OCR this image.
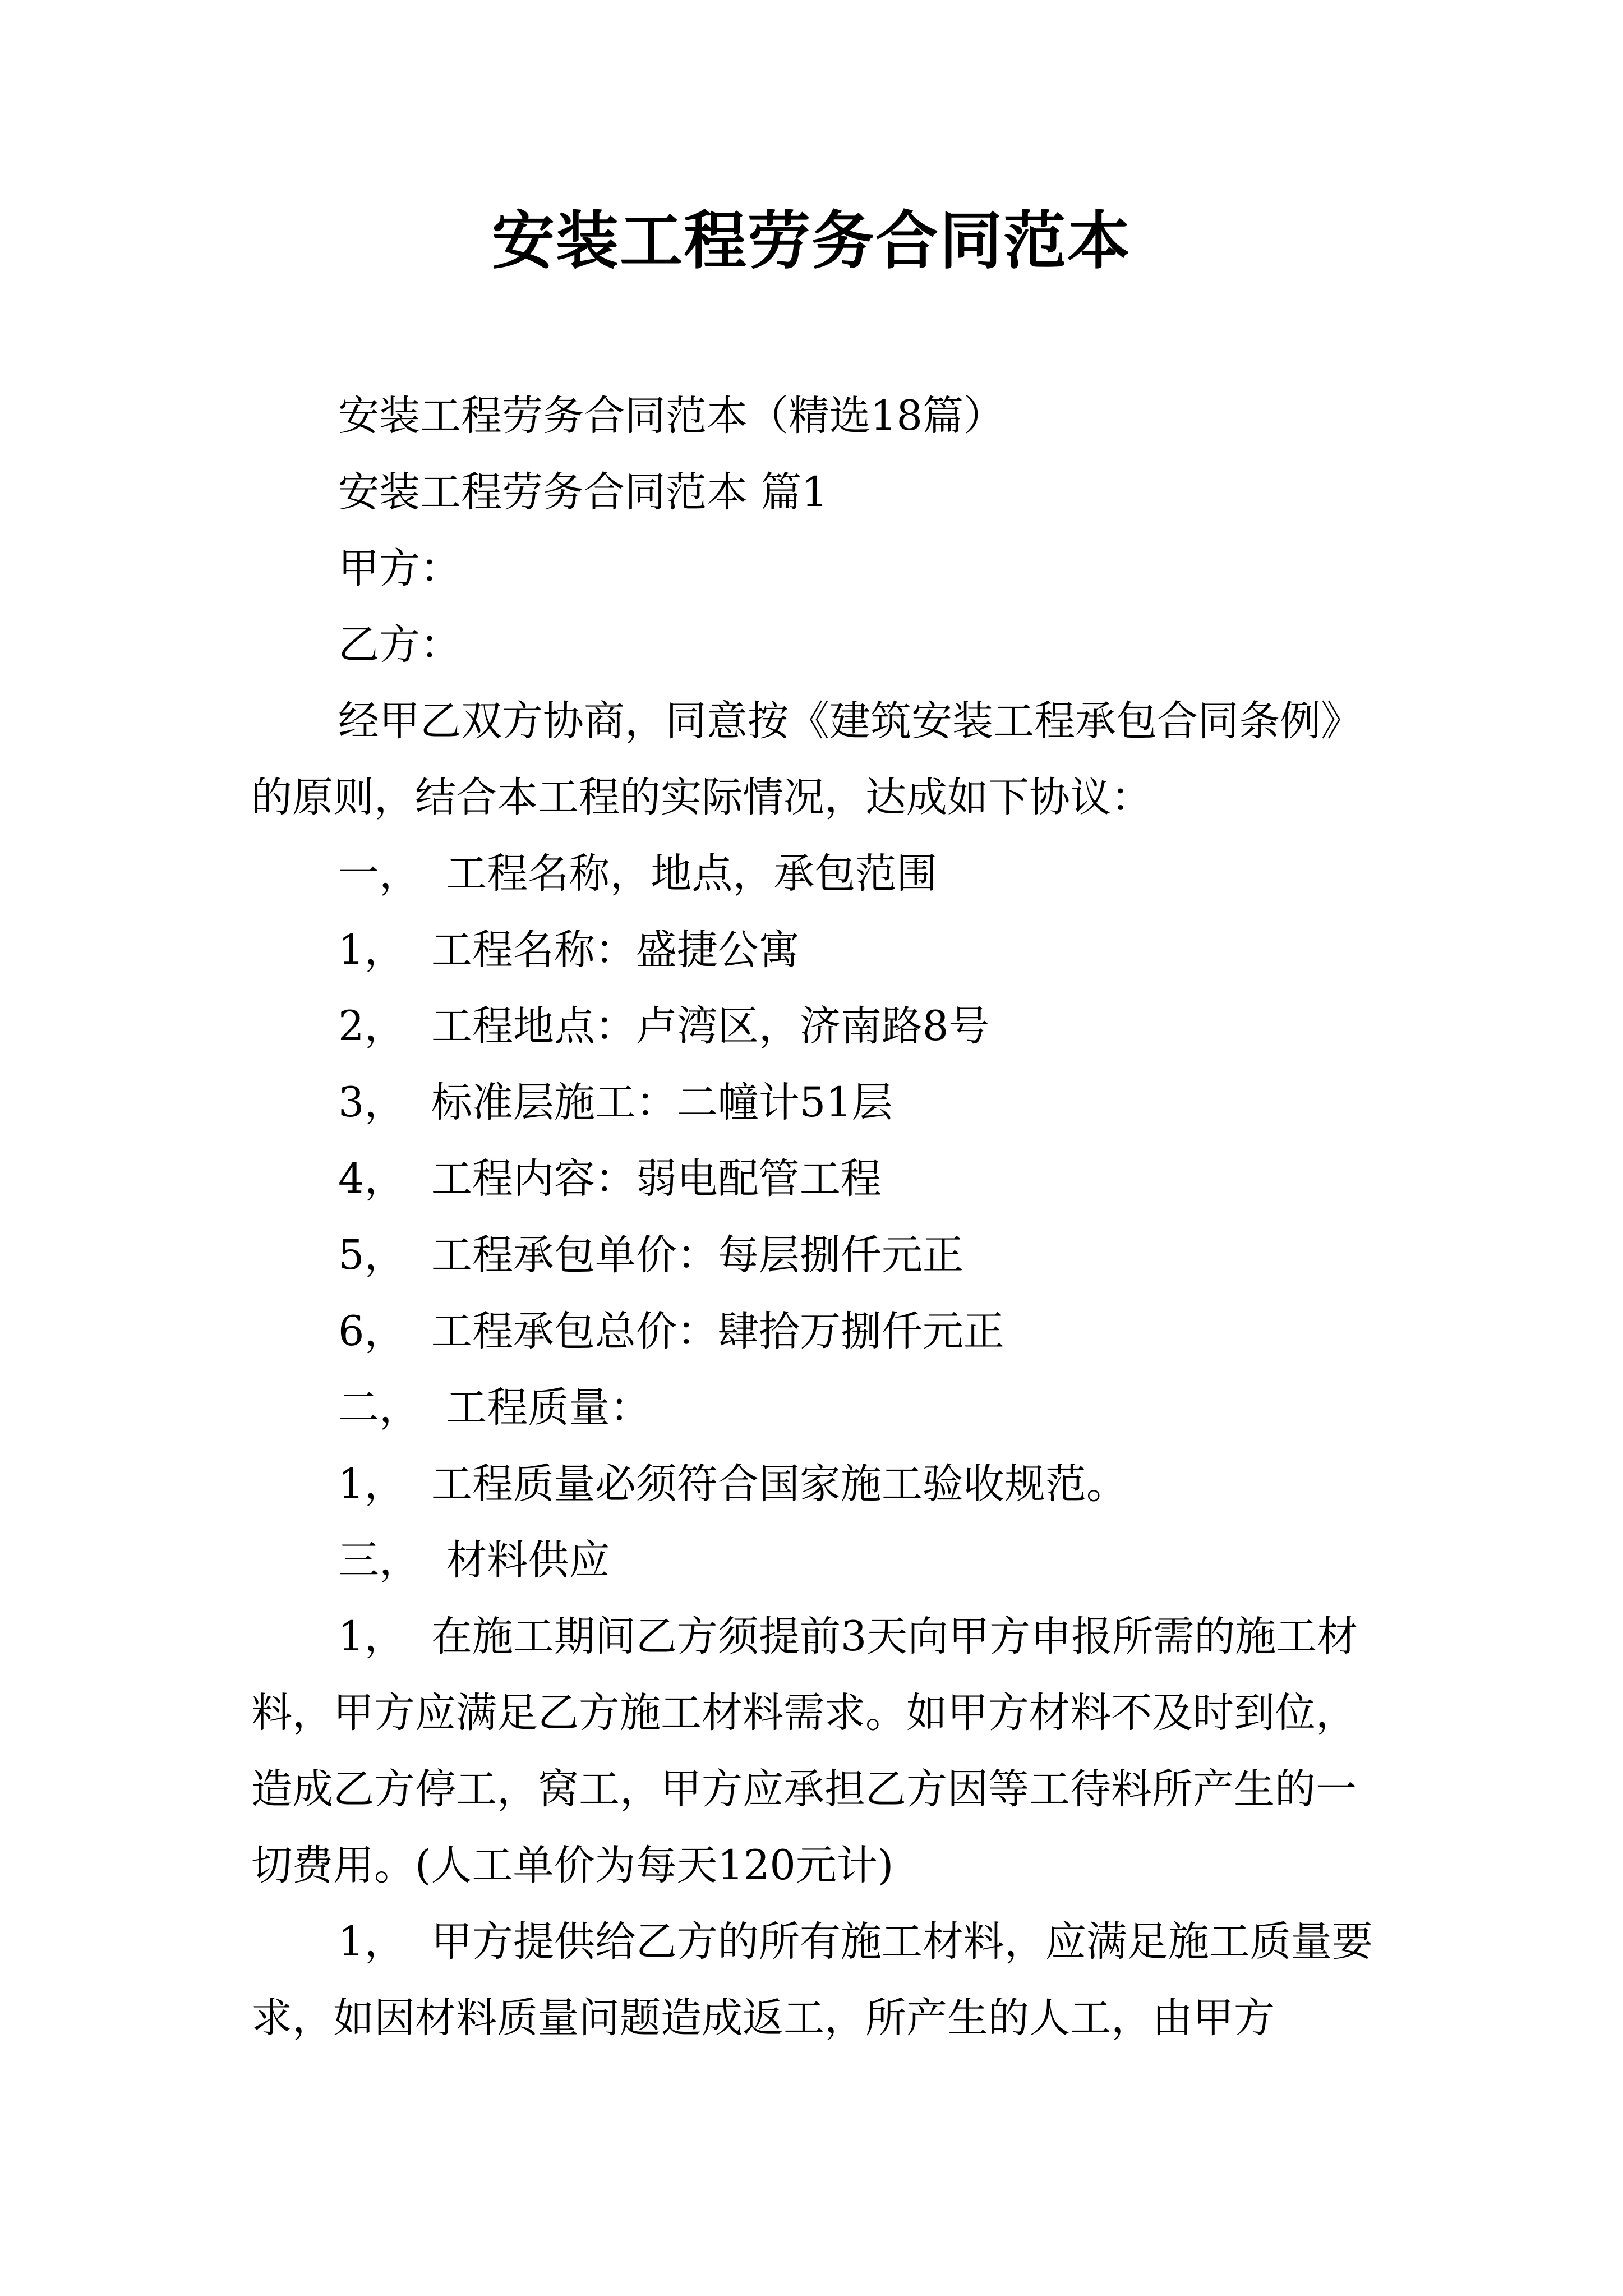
安装工程劳务合同范本

安装工程劳务合同范本（精选18篇）

安装工程劳务合同范本 篇1

甲方：

乙方：

经甲乙双方协商，同意按《建筑安装工程承包合同条例》的原则，结合本工程的实际情况，达成如下协议：

一，  工程名称，地点，承包范围

1，  工程名称：盛捷公寓

2，  工程地点：卢湾区，济南路8号

3，  标准层施工：二幢计51层

4，  工程内容：弱电配管工程

5，  工程承包单价：每层捌仟元正

6，  工程承包总价：肆拾万捌仟元正

二，  工程质量：

1，  工程质量必须符合国家施工验收规范。

三，  材料供应

1，  在施工期间乙方须提前3天向甲方申报所需的施工材料，甲方应满足乙方施工材料需求。如甲方材料不及时到位，造成乙方停工，窝工，甲方应承担乙方因等工待料所产生的一切费用。(人工单价为每天120元计)

1，  甲方提供给乙方的所有施工材料，应满足施工质量要求，如因材料质量问题造成返工，所产生的人工，由甲方
